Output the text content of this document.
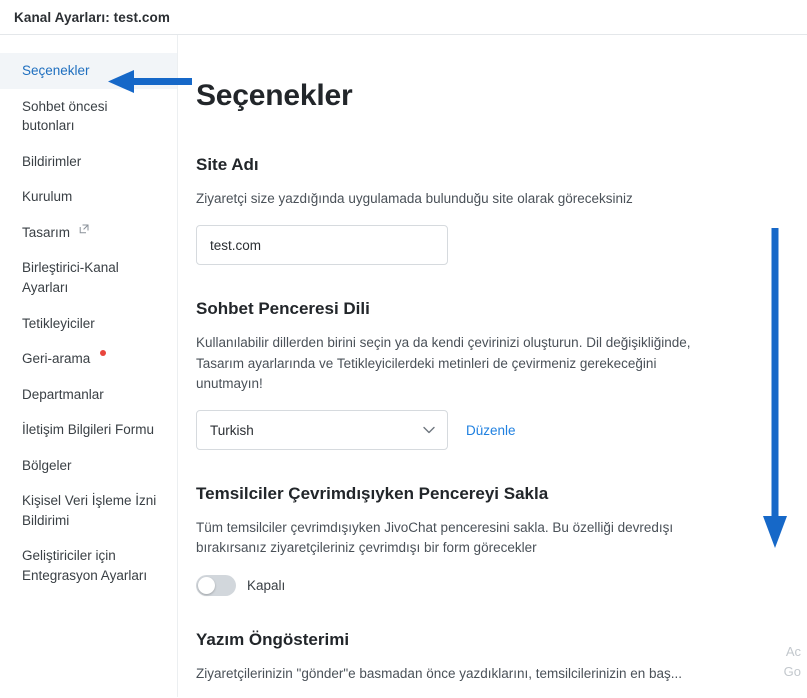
Kanal Ayarları: test.com
Seçenekler
Sohbet öncesi butonları
Bildirimler
Kurulum
Tasarım
Birleştirici-Kanal Ayarları
Tetikleyiciler
Geri-arama
Departmanlar
İletişim Bilgileri Formu
Bölgeler
Kişisel Veri İşleme İzni Bildirimi
Geliştiriciler için Entegrasyon Ayarları
Seçenekler
Site Adı

Ziyaretçi size yazdığında uygulamada bulunduğu site olarak göreceksiniz

test.com
Sohbet Penceresi Dili

Kullanılabilir dillerden birini seçin ya da kendi çevirinizi oluşturun. Dil değişikliğinde, Tasarım ayarlarında ve Tetikleyicilerdeki metinleri de çevirmeniz gerekeceğini unutmayın!

Turkish	Düzenle
Temsilciler Çevrimdışıyken Pencereyi Sakla

Tüm temsilciler çevrimdışıyken JivoChat penceresini sakla. Bu özelliği devredışı bırakırsanız ziyaretçileriniz çevrimdışı bir form görecekler

Kapalı
Yazım Öngösterimi

Ziyaretçilerinizin "gönder"e basmadan önce yazdıklarını, temsilcilerinizin en baş...

Ac
Go
